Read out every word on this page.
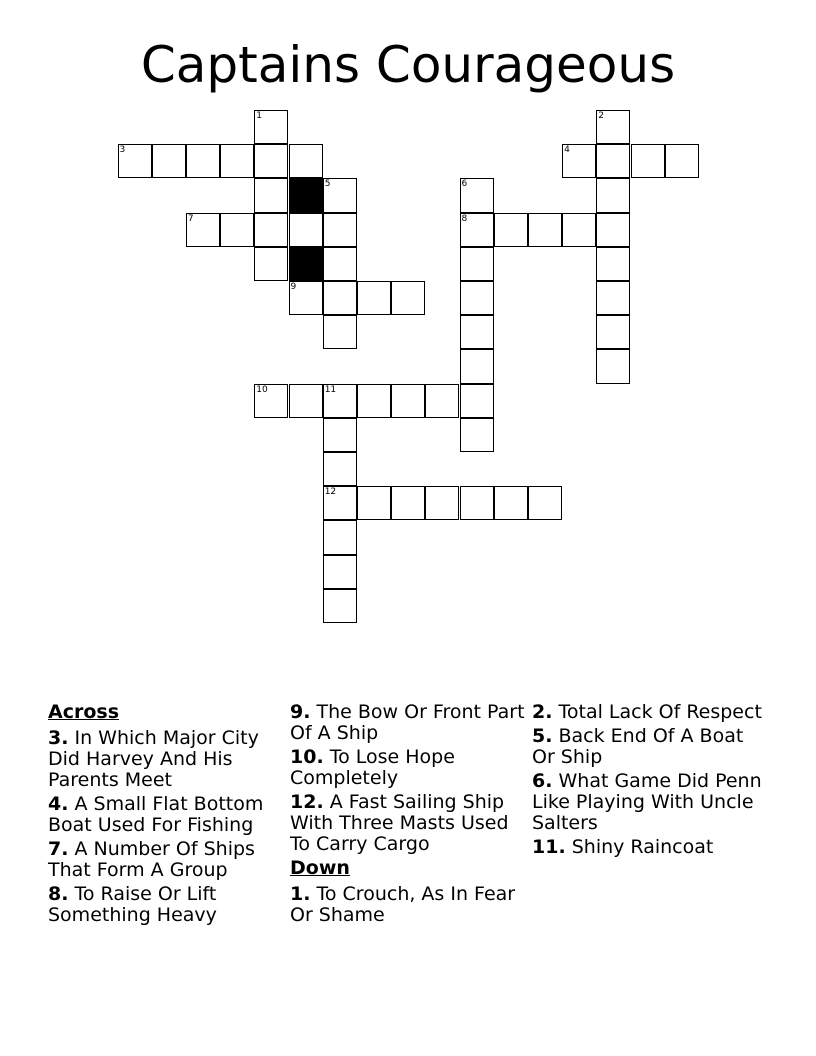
Captains Courageous
1	2
3	4
5	6
7	8
9
10	11
12
Across
3. In Which Major City Did Harvey And His Parents Meet
4. A Small Flat Bottom Boat Used For Fishing
7. A Number Of Ships That Form A Group
8. To Raise Or Lift Something Heavy
9. The Bow Or Front Part Of A Ship
10. To Lose Hope Completely
12. A Fast Sailing Ship With Three Masts Used To Carry Cargo
Down
1. To Crouch, As In Fear Or Shame
2. Total Lack Of Respect
5. Back End Of A Boat Or Ship
6. What Game Did Penn Like Playing With Uncle Salters
11. Shiny Raincoat
